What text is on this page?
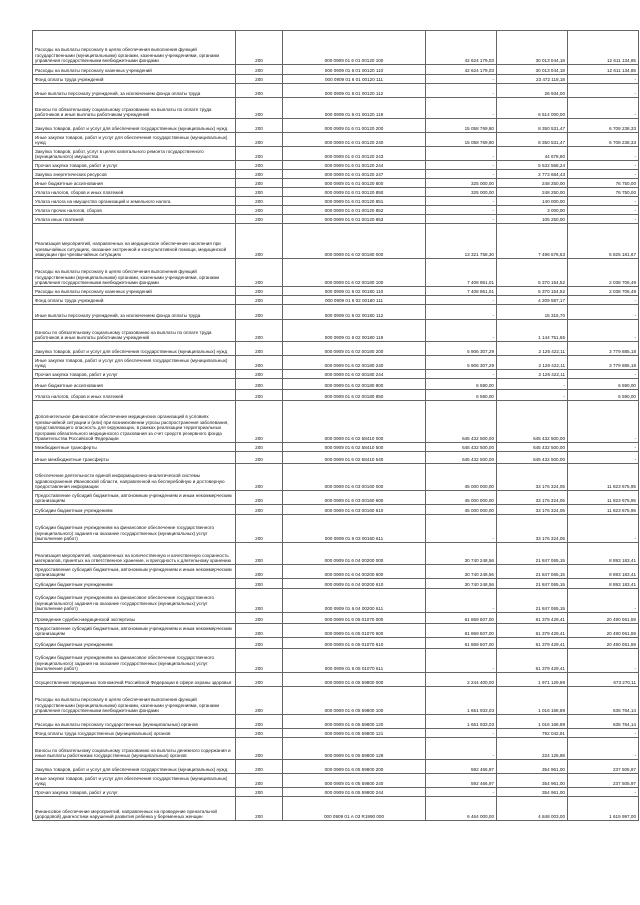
Расходы на выплаты персоналу в целях обеспечения выполнения функций государственными (муниципальными) органами, казенными учреждениями, органами управления государственными внебюджетными фондами	200	000 0909 01 6 01 00120 100	42 624 179,03	30 013 044,18	12 611 134,85
Расходы на выплаты персоналу казенных учреждений	200	000 0909 01 6 01 00120 110	42 624 179,03	30 013 044,18	12 611 134,85
Фонд оплаты труда учреждений	200	000 0909 01 6 01 00120 111	-	23 472 118,18	-
Иные выплаты персоналу учреждений, за исключением фонда оплаты труда	200	000 0909 01 6 01 00120 112	-	26 934,00	-
Взносы по обязательному социальному страхованию на выплаты по оплате труда работников и иные выплаты работникам учреждений	200	000 0909 01 6 01 00120 119	-	6 514 000,00	-
Закупка товаров, работ и услуг для обеспечения государственных (муниципальных) нужд	200	000 0909 01 6 01 00120 200	15 058 769,80	8 350 531,47	6 708 238,33
Иные закупки товаров, работ и услуг для обеспечения государственных (муниципальных) нужд	200	000 0909 01 6 01 00120 240	15 058 769,80	8 350 531,47	6 708 238,33
Закупка товаров, работ, услуг в целях капитального ремонта государственного (муниципального) имущества	200	000 0909 01 6 01 00120 243	-	44 678,80	-
Прочая закупка товаров, работ и услуг	200	000 0909 01 6 01 00120 244	-	5 532 568,24	-
Закупка энергетических ресурсов	200	000 0909 01 6 01 00120 247	-	2 773 684,43	-
Иные бюджетные ассигнования	200	000 0909 01 6 01 00120 800	325 000,00	248 250,00	76 750,00
Уплата налогов, сборов и иных платежей	200	000 0909 01 6 01 00120 850	325 000,00	248 250,00	76 750,00
Уплата налога на имущество организаций и земельного налога	200	000 0909 01 6 01 00120 851	-	140 000,00	-
Уплата прочих налогов, сборов	200	000 0909 01 6 01 00120 852	-	3 000,00	-
Уплата иных платежей	200	000 0909 01 6 01 00120 853	-	105 250,00	-
Реализация мероприятий, направленных на медицинское обеспечение населения при чрезвычайных ситуациях, оказание экстренной и консультативной помощи, медицинской эвакуации при чрезвычайных ситуациях	200	000 0909 01 6 02 00180 000	13 321 758,30	7 496 576,63	5 825 181,67
Расходы на выплаты персоналу в целях обеспечения выполнения функций государственными (муниципальными) органами, казенными учреждениями, органами управления государственными внебюджетными фондами	200	000 0909 01 6 02 00180 100	7 408 861,01	5 370 154,52	2 038 706,49
Расходы на выплаты персоналу казенных учреждений	200	000 0909 01 6 02 00180 110	7 408 861,01	5 370 154,52	2 038 706,49
Фонд оплаты труда учреждений	200	000 0909 01 6 02 00180 111	-	4 209 587,17	-
Иные выплаты персоналу учреждений, за исключением фонда оплаты труда	200	000 0909 01 6 02 00180 112	-	15 315,70	-
Взносы по обязательному социальному страхованию на выплаты по оплате труда работников и иные выплаты работникам учреждений	200	000 0909 01 6 02 00180 119	-	1 144 751,65	-
Закупка товаров, работ и услуг для обеспечения государственных (муниципальных) нужд	200	000 0909 01 6 02 00180 200	5 906 307,29	2 126 422,11	3 779 885,18
Иные закупки товаров, работ и услуг для обеспечения государственных (муниципальных) нужд	200	000 0909 01 6 02 00180 240	5 906 307,29	2 126 422,11	3 779 885,18
Прочая закупка товаров, работ и услуг	200	000 0909 01 6 02 00180 244	-	2 126 422,11	-
Иные бюджетные ассигнования	200	000 0909 01 6 02 00180 800	6 590,00	-	6 590,00
Уплата налогов, сборов и иных платежей	200	000 0909 01 6 02 00180 850	6 590,00	-	6 590,00
Дополнительное финансовое обеспечение медицинских организаций в условиях чрезвычайной ситуации и (или) при возникновении угрозы распространения заболевания, представляющего опасность для окружающих, в рамках реализации территориальных программ обязательного медицинского страхования за счет средств резервного фонда Правительства Российской Федерации	200	000 0909 01 6 02 58410 000	645 432 500,00	645 432 500,00	-
Межбюджетные трансферты	200	000 0909 01 6 02 58410 500	645 432 500,00	645 432 500,00	-
Иные межбюджетные трансферты	200	000 0909 01 6 02 58410 540	645 432 500,00	645 432 500,00	-
Обеспечение деятельности единой информационно-аналитической системы здравоохранения Ивановской области, направленной на бесперебойную и достоверную предоставления информации	200	000 0909 01 6 03 00160 000	45 000 000,00	33 176 324,05	11 823 675,95
Предоставление субсидий бюджетным, автономным учреждениям и иным некоммерческим организациям	200	000 0909 01 6 03 00160 600	45 000 000,00	33 176 324,05	11 823 675,95
Субсидии бюджетным учреждениям	200	000 0909 01 6 03 00160 610	45 000 000,00	33 176 324,05	11 823 675,95
Субсидии бюджетным учреждениям на финансовое обеспечение государственного (муниципального) задания на оказание государственных (муниципальных) услуг (выполнение работ)	200	000 0909 01 6 03 00160 611	-	33 176 324,05	-
Реализация мероприятий, направленных на количественную и качественную сохранность материалов, принятых на ответственное хранение, и пригодность к длительному хранению	200	000 0909 01 6 04 00200 000	30 740 248,56	21 847 065,15	8 893 183,41
Предоставление субсидий бюджетным, автономным учреждениям и иным некоммерческим организациям	200	000 0909 01 6 04 00200 600	30 740 248,56	21 847 065,15	8 893 183,41
Субсидии бюджетным учреждениям	200	000 0909 01 6 04 00200 610	30 740 248,56	21 847 065,15	8 893 183,41
Субсидии бюджетным учреждениям на финансовое обеспечение государственного (муниципального) задания на оказание государственных (муниципальных) услуг (выполнение работ)	200	000 0909 01 6 04 00200 611	-	21 847 065,15	-
Проведение судебно-медицинской экспертизы	200	000 0909 01 6 05 01070 000	61 869 507,00	61 379 429,41	20 490 061,59
Предоставление субсидий бюджетным, автономным учреждениям и иным некоммерческим организациям	200	000 0909 01 6 05 01070 600	61 869 507,00	61 379 429,41	20 490 061,59
Субсидии бюджетным учреждениям	200	000 0909 01 6 05 01070 610	61 869 507,00	61 379 429,41	20 490 061,59
Субсидии бюджетным учреждениям на финансовое обеспечение государственного (муниципального) задания на оказание государственных (муниципальных) услуг (выполнение работ)	200	000 0909 01 6 05 01070 611	-	61 379 429,41	-
Осуществление переданных полномочий Российской Федерации в сфере охраны здоровья	200	000 0909 01 6 05 59800 000	2 244 400,00	1 971 129,89	673 270,11
Расходы на выплаты персоналу в целях обеспечения выполнения функций государственными (муниципальными) органами, казенными учреждениями, органами управления государственными внебюджетными фондами	200	000 0909 01 6 05 59800 100	1 651 933,03	1 016 168,89	635 764,14
Расходы на выплаты персоналу государственных (муниципальных) органов	200	000 0909 01 6 05 59800 120	1 651 933,03	1 016 168,89	635 764,14
Фонд оплаты труда государственных (муниципальных) органов	200	000 0909 01 6 05 59800 121	-	792 042,91	-
Взносы по обязательному социальному страхованию на выплаты денежного содержания и иные выплаты работникам государственных (муниципальных) органов	200	000 0909 01 6 05 59800 129	-	224 125,98	-
Закупка товаров, работ и услуг для обеспечения государственных (муниципальных) нужд	200	000 0909 01 6 05 59800 200	592 466,97	354 961,00	237 505,97
Иные закупки товаров, работ и услуг для обеспечения государственных (муниципальных) нужд	200	000 0909 01 6 05 59800 240	592 466,97	354 961,00	237 505,97
Прочая закупка товаров, работ и услуг	200	000 0909 01 6 05 59800 244	-	354 961,00	-
Финансовое обеспечение мероприятий, направленных на проведение пренатальной (дородовой) диагностики нарушений развития ребенка у беременных женщин	200	000 0909 01 А 03 R1990 000	6 464 000,00	4 848 003,00	1 615 997,00
